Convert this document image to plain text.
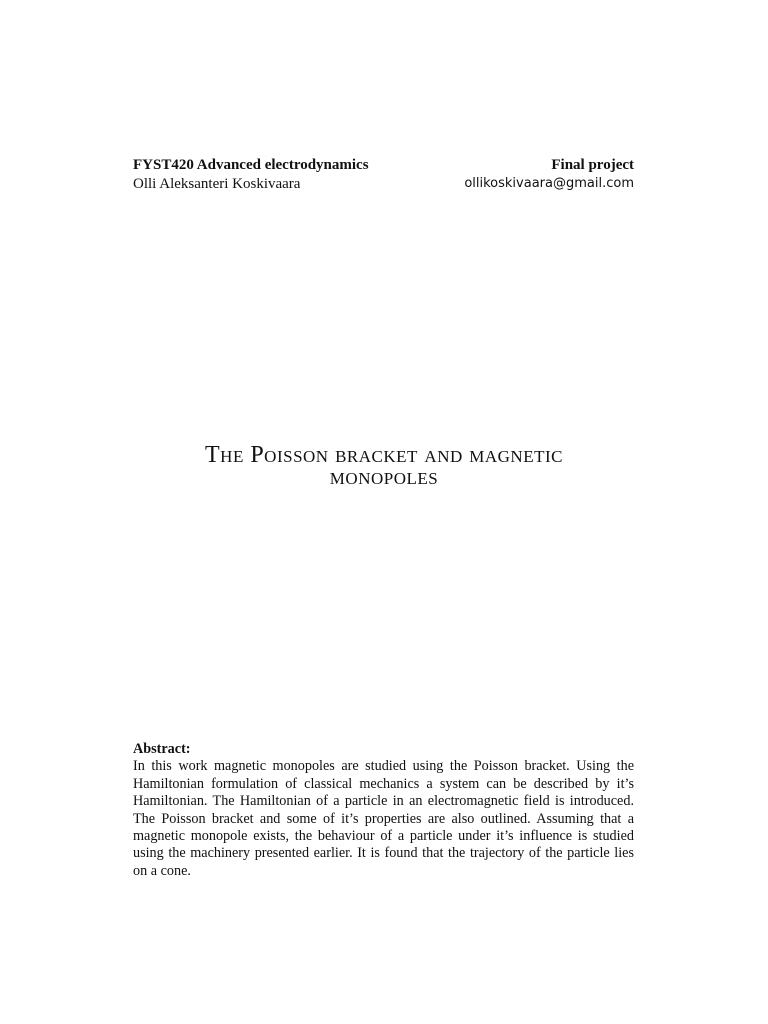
FYST420 Advanced electrodynamics	Final project
Olli Aleksanteri Koskivaara	ollikoskivaara@gmail.com
The Poisson bracket and magnetic
monopoles
Abstract:
In this work magnetic monopoles are studied using the Poisson bracket. Using the Hamiltonian formulation of classical mechanics a system can be described by it’s Hamiltonian. The Hamiltonian of a particle in an electromagnetic field is introduced. The Poisson bracket and some of it’s properties are also outlined. Assuming that a magnetic monopole exists, the behaviour of a particle under it’s influence is studied using the machinery presented earlier. It is found that the trajectory of the particle lies on a cone.
